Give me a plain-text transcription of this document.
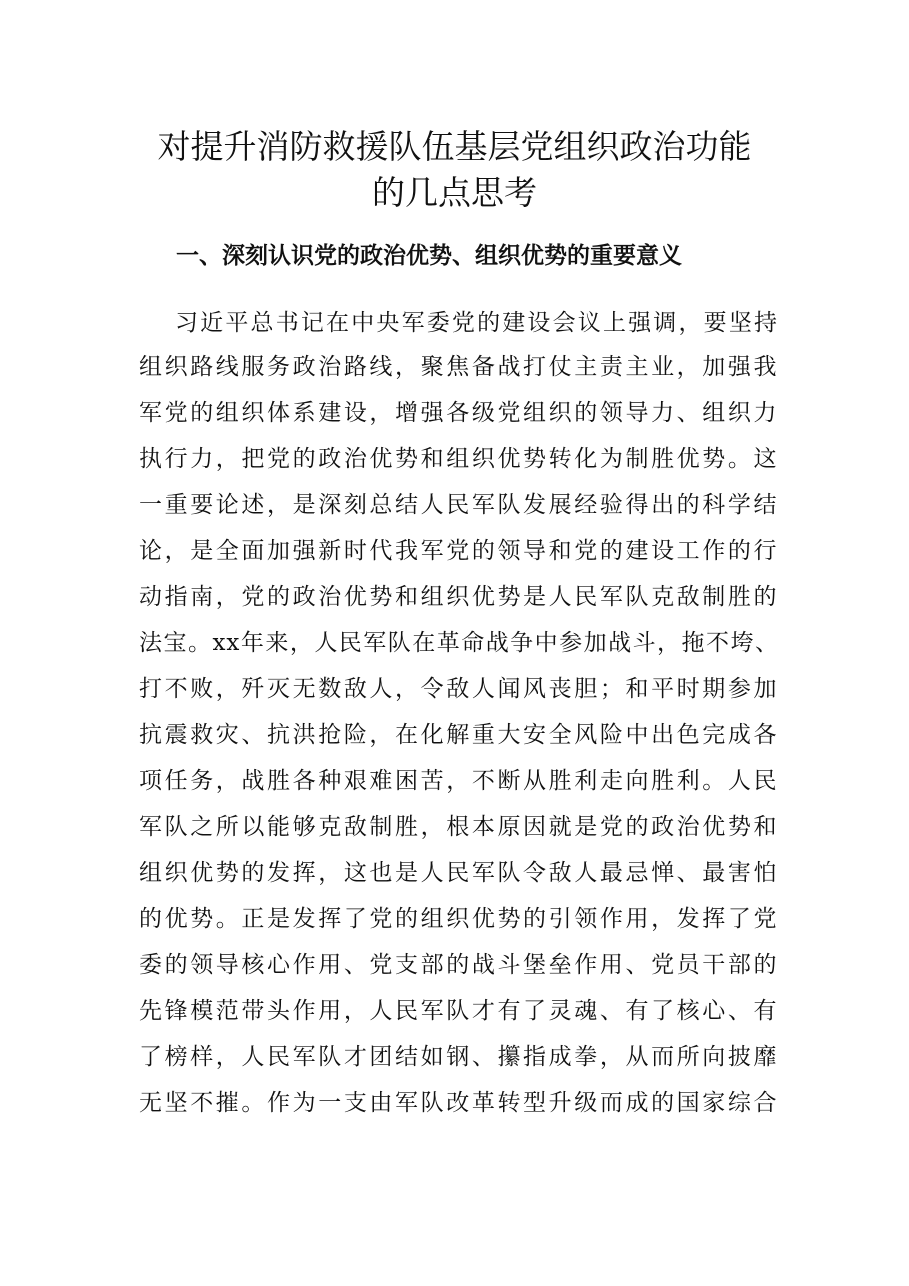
对提升消防救援队伍基层党组织政治功能
的几点思考
一、深刻认识党的政治优势、组织优势的重要意义
习近平总书记在中央军委党的建设会议上强调，要坚持
组织路线服务政治路线，聚焦备战打仗主责主业，加强我
军党的组织体系建设，增强各级党组织的领导力、组织力
执行力，把党的政治优势和组织优势转化为制胜优势。这
一重要论述，是深刻总结人民军队发展经验得出的科学结
论，是全面加强新时代我军党的领导和党的建设工作的行
动指南，党的政治优势和组织优势是人民军队克敌制胜的
法宝。xx年来，人民军队在革命战争中参加战斗，拖不垮、
打不败，歼灭无数敌人，令敌人闻风丧胆；和平时期参加
抗震救灾、抗洪抢险，在化解重大安全风险中出色完成各
项任务，战胜各种艰难困苦，不断从胜利走向胜利。人民
军队之所以能够克敌制胜，根本原因就是党的政治优势和
组织优势的发挥，这也是人民军队令敌人最忌惮、最害怕
的优势。正是发挥了党的组织优势的引领作用，发挥了党
委的领导核心作用、党支部的战斗堡垒作用、党员干部的
先锋模范带头作用，人民军队才有了灵魂、有了核心、有
了榜样，人民军队才团结如钢、攥指成拳，从而所向披靡
无坚不摧。作为一支由军队改革转型升级而成的国家综合
